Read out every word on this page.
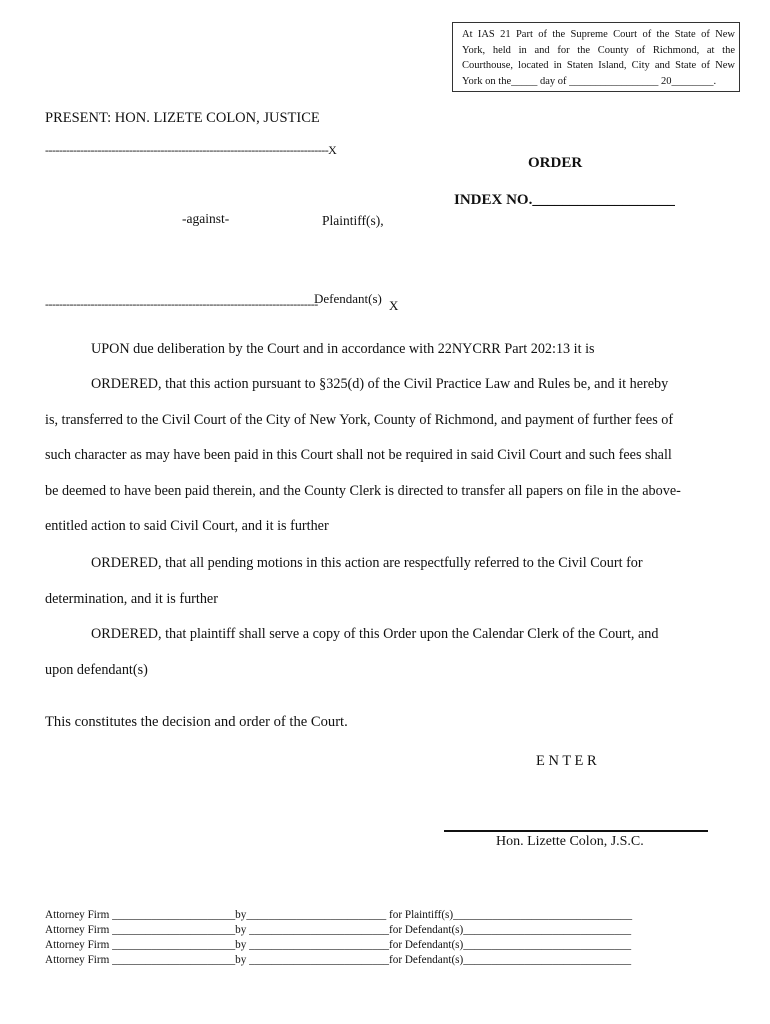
At IAS 21 Part of the Supreme Court of the State of New
York, held in and for the County of Richmond, at the
Courthouse, located in Staten Island, City and State of New
York on the_____ day of _________________ 20________.
PRESENT: HON. LIZETE COLON, JUSTICE
---------------------------------------------------------------------------------X
ORDER
INDEX NO.___________________
Plaintiff(s),
-against-
Defendant(s)
------------------------------------------------------------------------------	X
UPON due deliberation by the Court and in accordance with 22NYCRR Part 202:13 it is
ORDERED, that this action pursuant to §325(d) of the Civil Practice Law and Rules be, and it hereby
is, transferred to the Civil Court of the City of New York, County of Richmond, and payment of further fees of
such character as may have been paid in this Court shall not be required in said Civil Court and such fees shall
be deemed to have been paid therein, and the County Clerk is directed to transfer all papers on file in the above-
entitled action to said Civil Court, and it is further
ORDERED, that all pending motions in this action are respectfully referred to the Civil Court for
determination, and it is further
ORDERED, that plaintiff shall serve a copy of this Order upon the Calendar Clerk of the Court, and
upon defendant(s)
This constitutes the decision and order of the Court.
E N T E R
Hon. Lizette Colon, J.S.C.
Attorney Firm ______________________by_________________________ for Plaintiff(s)________________________________
Attorney Firm ______________________by _________________________for Defendant(s)______________________________
Attorney Firm ______________________by _________________________for Defendant(s)______________________________
Attorney Firm ______________________by _________________________for Defendant(s)______________________________
